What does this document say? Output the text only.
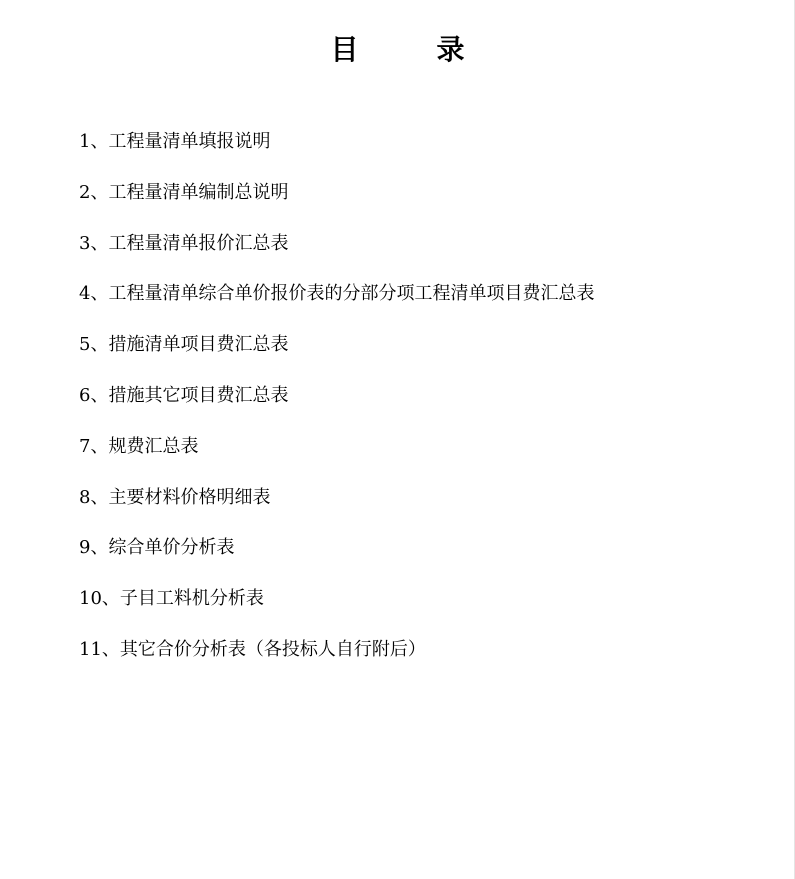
目	录
1、工程量清单填报说明
2、工程量清单编制总说明
3、工程量清单报价汇总表
4、工程量清单综合单价报价表的分部分项工程清单项目费汇总表
5、措施清单项目费汇总表
6、措施其它项目费汇总表
7、规费汇总表
8、主要材料价格明细表
9、综合单价分析表
10、子目工料机分析表
11、其它合价分析表（各投标人自行附后）
